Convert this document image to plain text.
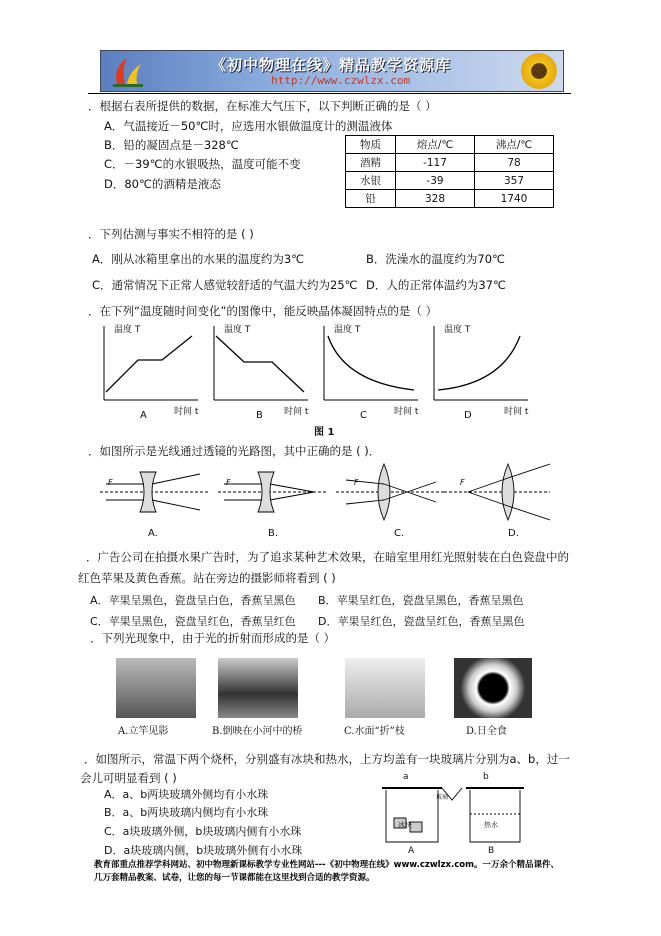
《初中物理在线》精品教学资源库
http://www.czwlzx.com
．根据右表所提供的数据，在标准大气压下，以下判断正确的是（ ）
A．气温接近－50℃时，应选用水银做温度计的测温液体
B．铅的凝固点是－328℃
C．－39℃的水银吸热，温度可能不变
D．80℃的酒精是液态
物质	熔点/℃	沸点/℃
酒精	-117	78
水银	-39	357
铅	328	1740
．下列估测与事实不相符的是 ( )
A．刚从冰箱里拿出的水果的温度约为3℃	B．洗澡水的温度约为70℃
C．通常情况下正常人感觉较舒适的气温大约为25℃ D．人的正常体温约为37℃
．在下列“温度随时间变化”的图像中，能反映晶体凝固特点的是（ ）
温度 T	温度 T	温度 T	温度 T
时间 t	时间 t	时间 t	时间 t
A	B	C	D
图 1
．如图所示是光线通过透镜的光路图，其中正确的是 ( )．
F	F	F	F
A.	B.	C.	D.
．广告公司在拍摄水果广告时，为了追求某种艺术效果，在暗室里用红光照射装在白色瓷盘中的
红色苹果及黄色香蕉。站在旁边的摄影师将看到 ( )
A．苹果呈黑色，瓷盘呈白色，香蕉呈黑色 B．苹果呈红色，瓷盘呈黑色，香蕉呈黑色
C．苹果呈黑色，瓷盘呈红色，香蕉呈红色 D．苹果呈红色，瓷盘呈红色，香蕉呈黑色
．下列光现象中，由于光的折射而形成的是（ ）
A.立竿见影	B.倒映在小河中的桥	C.水面“折”枝	D.日全食
．如图所示，常温下两个烧杯，分别盛有冰块和热水，上方均盖有一块玻璃片分别为a、b，过一
会儿可明显看到 ( )
A．a、b两块玻璃外侧均有小水珠
B．a、b两块玻璃内侧均有小水珠
C．a块玻璃外侧，b块玻璃内侧有小水珠
D．a块玻璃内侧，b块玻璃外侧有小水珠
a	b
玻璃
冰块	热水
A	B
教育部重点推荐学科网站、初中物理新课标教学专业性网站---《初中物理在线》www.czwlzx.com。一万余个精品课件、
几万套精品教案、试卷，让您的每一节课都能在这里找到合适的教学资源。
